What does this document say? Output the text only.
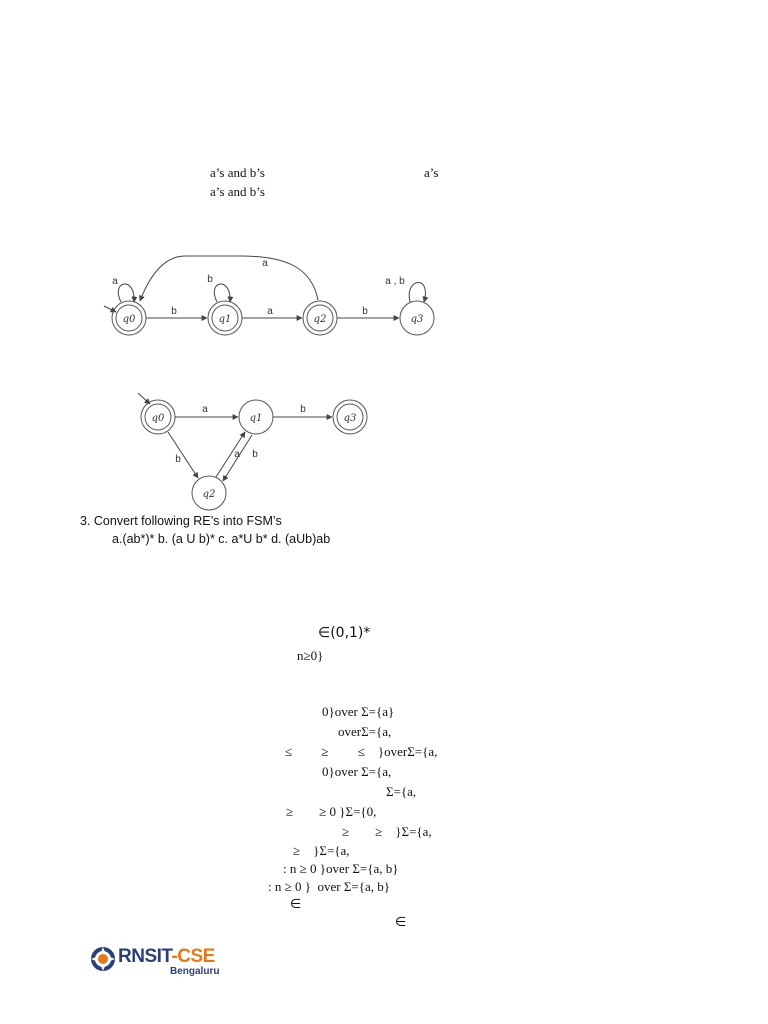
a’s and b’s	a’s
a’s and b’s
q0	q1	q2	q3
b	a	b
a
a	b	a , b
q0	q1	q3
q2
a	b
b	a b
3. Convert following RE’s into FSM’s
a.(ab*)* b. (a U b)* c. a*U b* d. (aUb)ab
∈(0,1)*
n≥0}
0}over Σ={a}
overΣ={a,
≤         ≥         ≤    }overΣ={a,
0}over Σ={a,
Σ={a,
≥        ≥ 0 }Σ={0,
≥        ≥    }Σ={a,
≥    }Σ={a,
: n ≥ 0 }over Σ={a, b}
: n ≥ 0 }  over Σ={a, b}
∈
∈
RNSIT-CSE
Bengaluru
